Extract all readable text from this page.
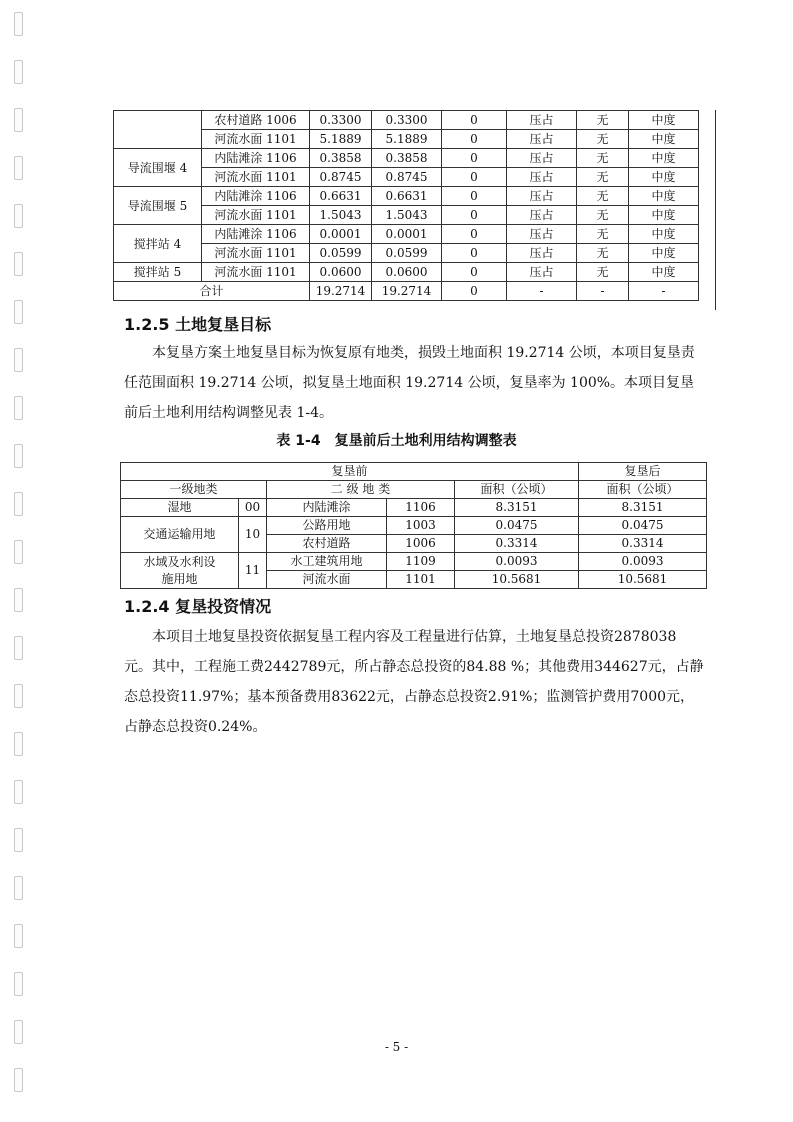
	农村道路 1006	0.3300	0.3300	0	压占	无	中度
	河流水面 1101	5.1889	5.1889	0	压占	无	中度
导流围堰 4	内陆滩涂 1106	0.3858	0.3858	0	压占	无	中度
	河流水面 1101	0.8745	0.8745	0	压占	无	中度
导流围堰 5	内陆滩涂 1106	0.6631	0.6631	0	压占	无	中度
	河流水面 1101	1.5043	1.5043	0	压占	无	中度
搅拌站 4	内陆滩涂 1106	0.0001	0.0001	0	压占	无	中度
	河流水面 1101	0.0599	0.0599	0	压占	无	中度
搅拌站 5	河流水面 1101	0.0600	0.0600	0	压占	无	中度
合计		19.2714	19.2714	0	-	-	-
1.2.5 土地复垦目标

本复垦方案土地复垦目标为恢复原有地类，损毁土地面积 19.2714 公顷，本项目复垦责任范围面积 19.2714 公顷，拟复垦土地面积 19.2714 公顷，复垦率为 100%。本项目复垦前后土地利用结构调整见表 1-4。

表 1-4　复垦前后土地利用结构调整表
复垦前					复垦后
一级地类		二 级 地 类		面积（公顷）	面积（公顷）
湿地	00	内陆滩涂	1106	8.3151	8.3151
交通运输用地	10	公路用地	1003	0.0475	0.0475
		农村道路	1006	0.3314	0.3314

水域及水利设
施用地	11	水工建筑用地	1109	0.0093	0.0093
		河流水面	1101	10.5681	10.5681
1.2.4 复垦投资情况

本项目土地复垦投资依据复垦工程内容及工程量进行估算，土地复垦总投资2878038元。其中，工程施工费2442789元，所占静态总投资的84.88 %；其他费用344627元，占静态总投资11.97%；基本预备费用83622元，占静态总投资2.91%；监测管护费用7000元，占静态总投资0.24%。

- 5 -
